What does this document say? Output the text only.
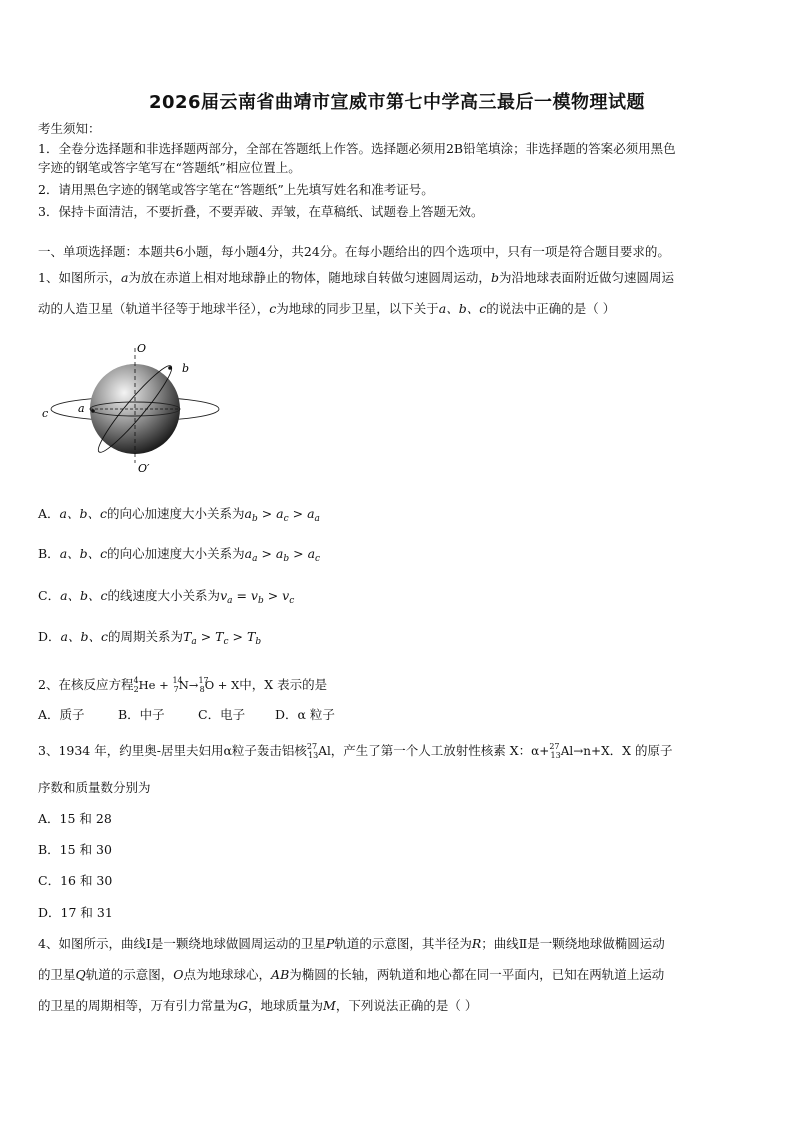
2026届云南省曲靖市宣威市第七中学高三最后一模物理试题
考生须知：
1．全卷分选择题和非选择题两部分，全部在答题纸上作答。选择题必须用2B铅笔填涂；非选择题的答案必须用黑色
字迹的钢笔或答字笔写在“答题纸”相应位置上。
2．请用黑色字迹的钢笔或答字笔在“答题纸”上先填写姓名和准考证号。
3．保持卡面清洁，不要折叠，不要弄破、弄皱，在草稿纸、试题卷上答题无效。
一、单项选择题：本题共6小题，每小题4分，共24分。在每小题给出的四个选项中，只有一项是符合题目要求的。
1、如图所示，a为放在赤道上相对地球静止的物体，随地球自转做匀速圆周运动，b为沿地球表面附近做匀速圆周运
动的人造卫星（轨道半径等于地球半径），c为地球的同步卫星，以下关于a、b、c的说法中正确的是（ ）
O
O′
b
c	a
A．a、b、c的向心加速度大小关系为$a_b > a_c > a_a$
B．a、b、c的向心加速度大小关系为$a_a > a_b > a_c$
C．a、b、c的线速度大小关系为$v_a = v_b > v_c$
D．a、b、c的周期关系为$T_a > T_c > T_b$
2、在核反应方程$^4_2$He + $^{14}_7$N→$^{17}_8$O + X中，X 表示的是
A．质子	B．中子	C．电子 D．α 粒子
3、1934 年，约里奥-居里夫妇用α粒子轰击铝核$^{27}_{13}$Al，产生了第一个人工放射性核素 X：α+$^{27}_{13}$Al→n+X．X 的原子
序数和质量数分别为
A．15 和 28
B．15 和 30
C．16 和 30
D．17 和 31
4、如图所示，曲线Ⅰ是一颗绕地球做圆周运动的卫星P轨道的示意图，其半径为R；曲线Ⅱ是一颗绕地球做椭圆运动
的卫星Q轨道的示意图，O点为地球球心，AB为椭圆的长轴，两轨道和地心都在同一平面内，已知在两轨道上运动
的卫星的周期相等，万有引力常量为G，地球质量为M，下列说法正确的是（ ）
